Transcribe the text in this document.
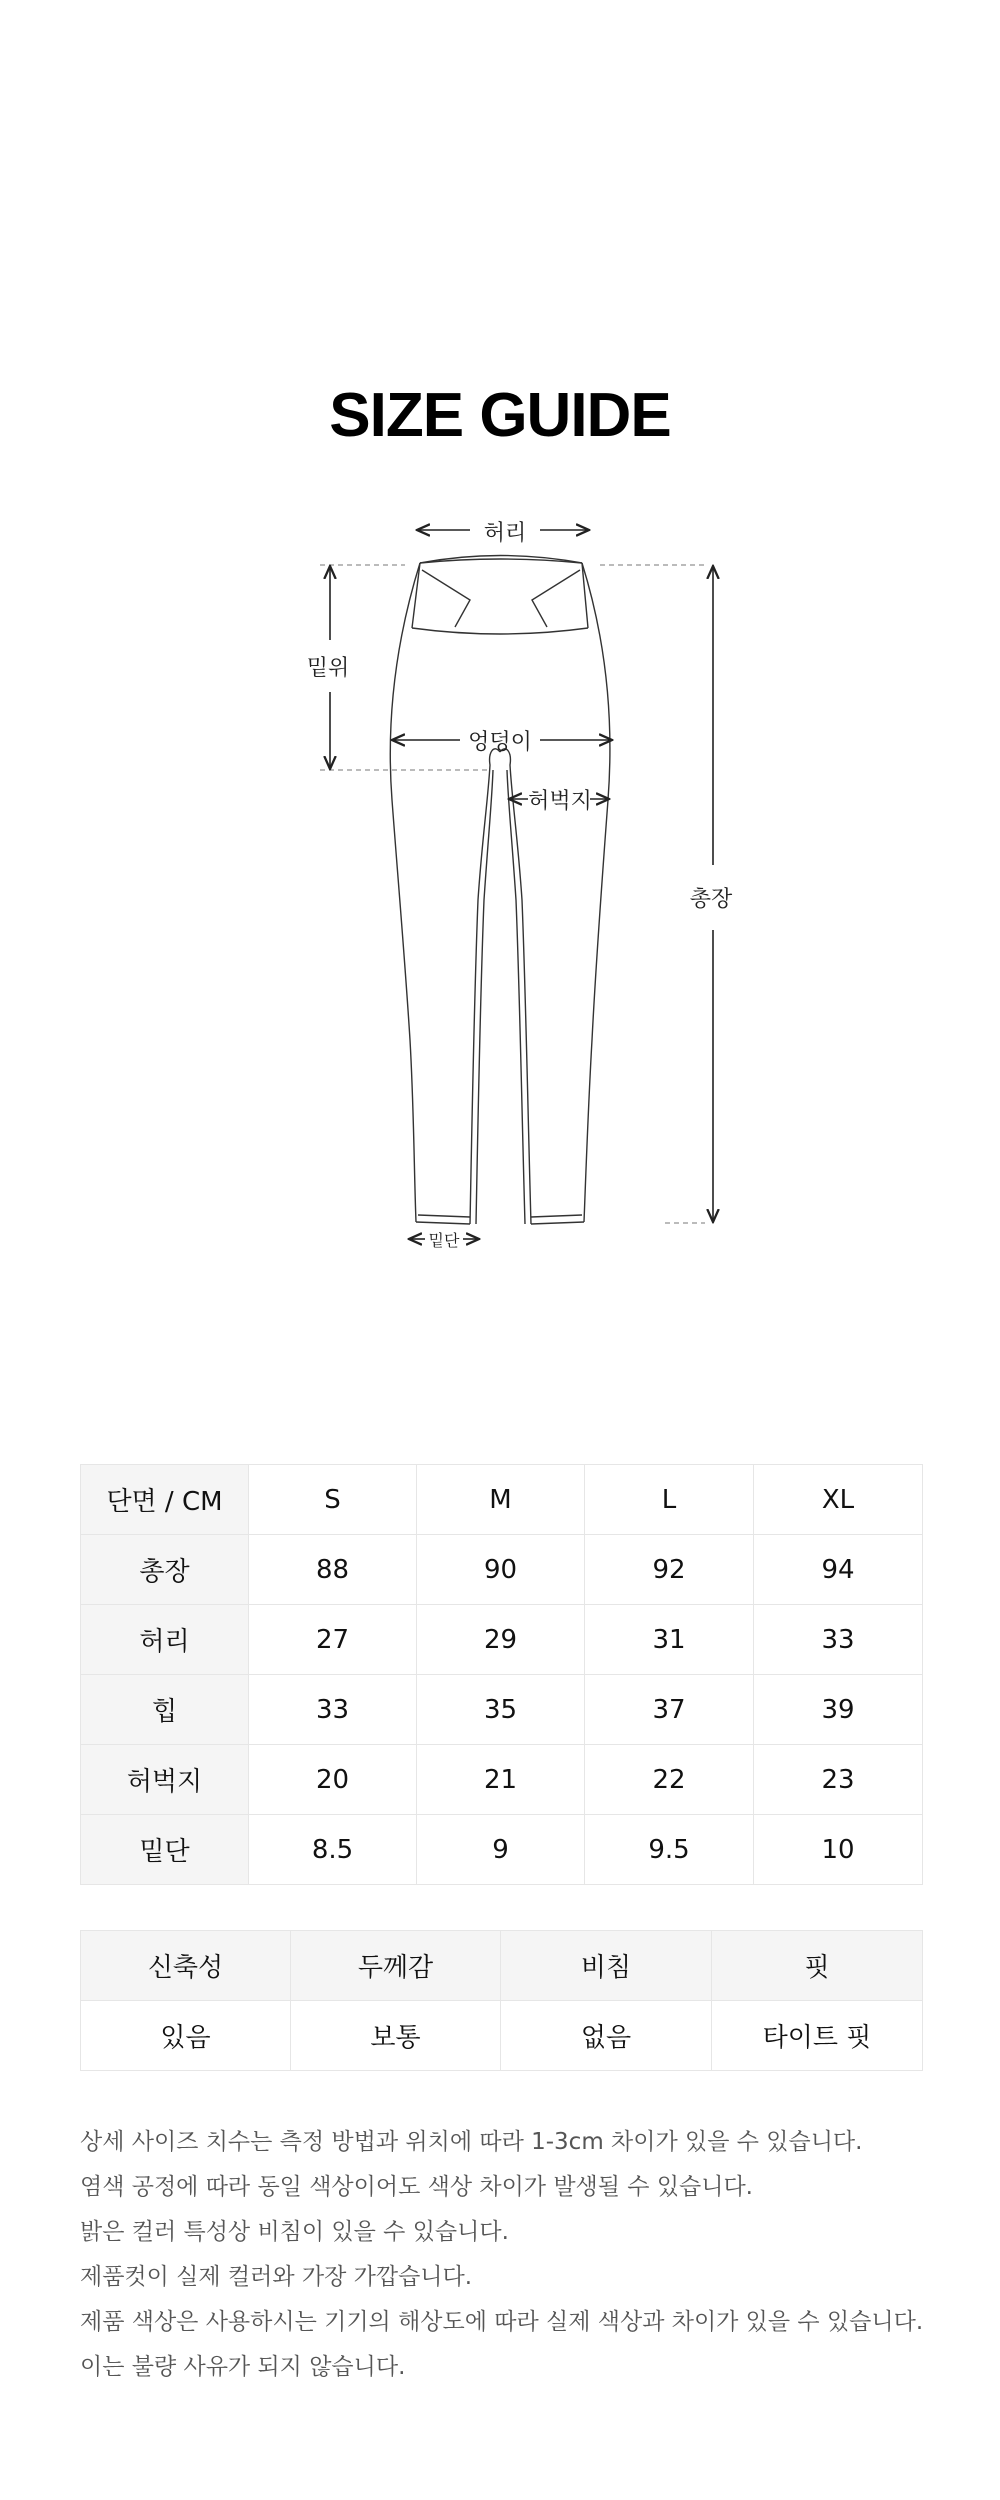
SIZE GUIDE
허리
밑위
엉덩이
허벅지
총장
밑단
단면 / CM	S	M	L	XL
총장	88	90	92	94
허리	27	29	31	33
힙	33	35	37	39
허벅지	20	21	22	23
밑단	8.5	9	9.5	10
신축성	두께감	비침	핏
있음	보통	없음	타이트 핏
상세 사이즈 치수는 측정 방법과 위치에 따라 1-3cm 차이가 있을 수 있습니다.
염색 공정에 따라 동일 색상이어도 색상 차이가 발생될 수 있습니다.
밝은 컬러 특성상 비침이 있을 수 있습니다.
제품컷이 실제 컬러와 가장 가깝습니다.
제품 색상은 사용하시는 기기의 해상도에 따라 실제 색상과 차이가 있을 수 있습니다.
이는 불량 사유가 되지 않습니다.
